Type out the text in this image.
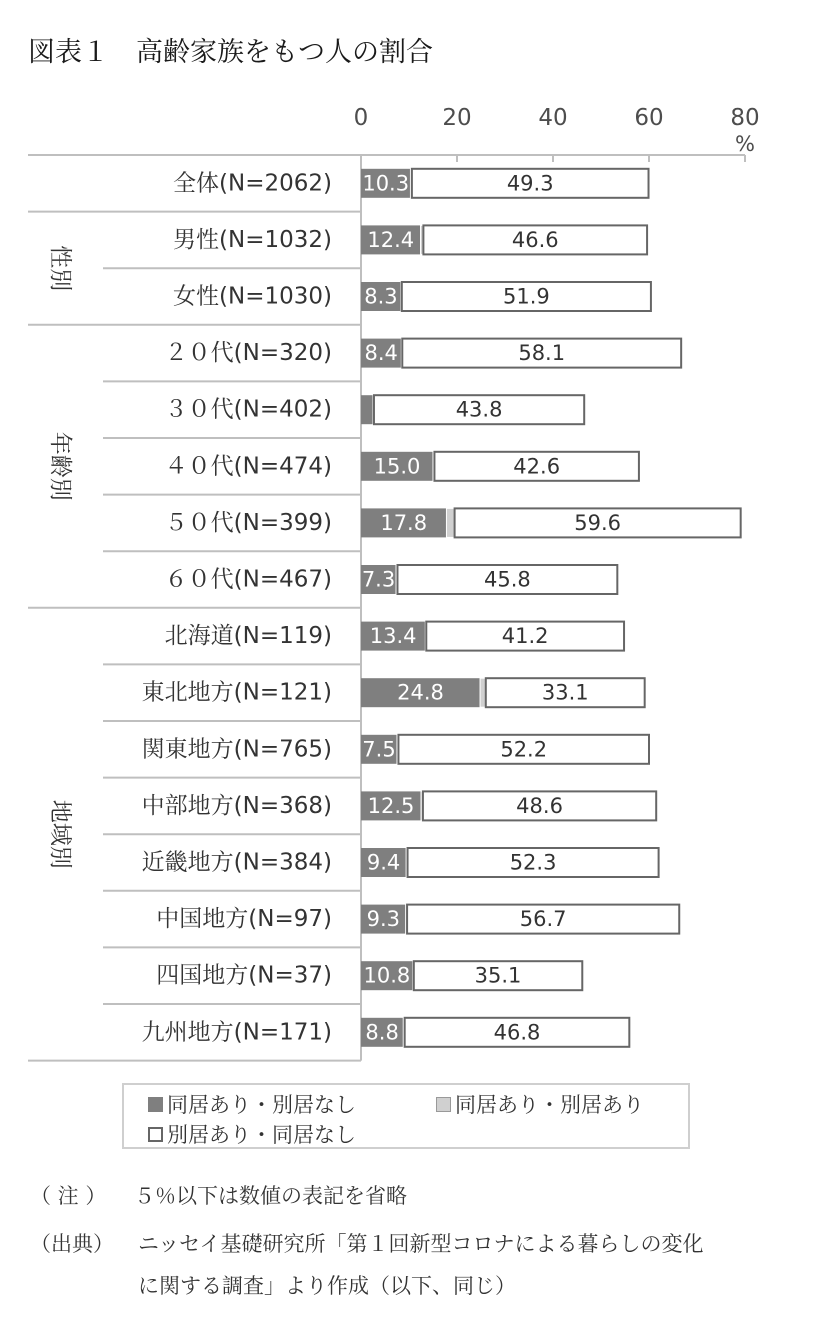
図表１　高齢家族をもつ人の割合
0	20	40	60	80
%
性別
年齢別
地域別
全体(N=2062) 10.3	49.3
男性(N=1032) 12.4	46.6
女性(N=1030) 8.3	51.9
２０代(N=320) 8.4	58.1
３０代(N=402)	43.8
４０代(N=474) 15.0	42.6
５０代(N=399) 17.8	59.6
６０代(N=467) 7.3	45.8
北海道(N=119) 13.4	41.2
東北地方(N=121)	24.8	33.1
関東地方(N=765) 7.5	52.2
中部地方(N=368) 12.5	48.6
近畿地方(N=384) 9.4	52.3
中国地方(N=97) 9.3	56.7
四国地方(N=37) 10.8	35.1
九州地方(N=171) 8.8	46.8
同居あり・別居なし	同居あり・別居あり
別居あり・同居なし
（ 注 ） ５％以下は数値の表記を省略
（出典） ニッセイ基礎研究所「第１回新型コロナによる暮らしの変化
に関する調査」より作成（以下、同じ）
